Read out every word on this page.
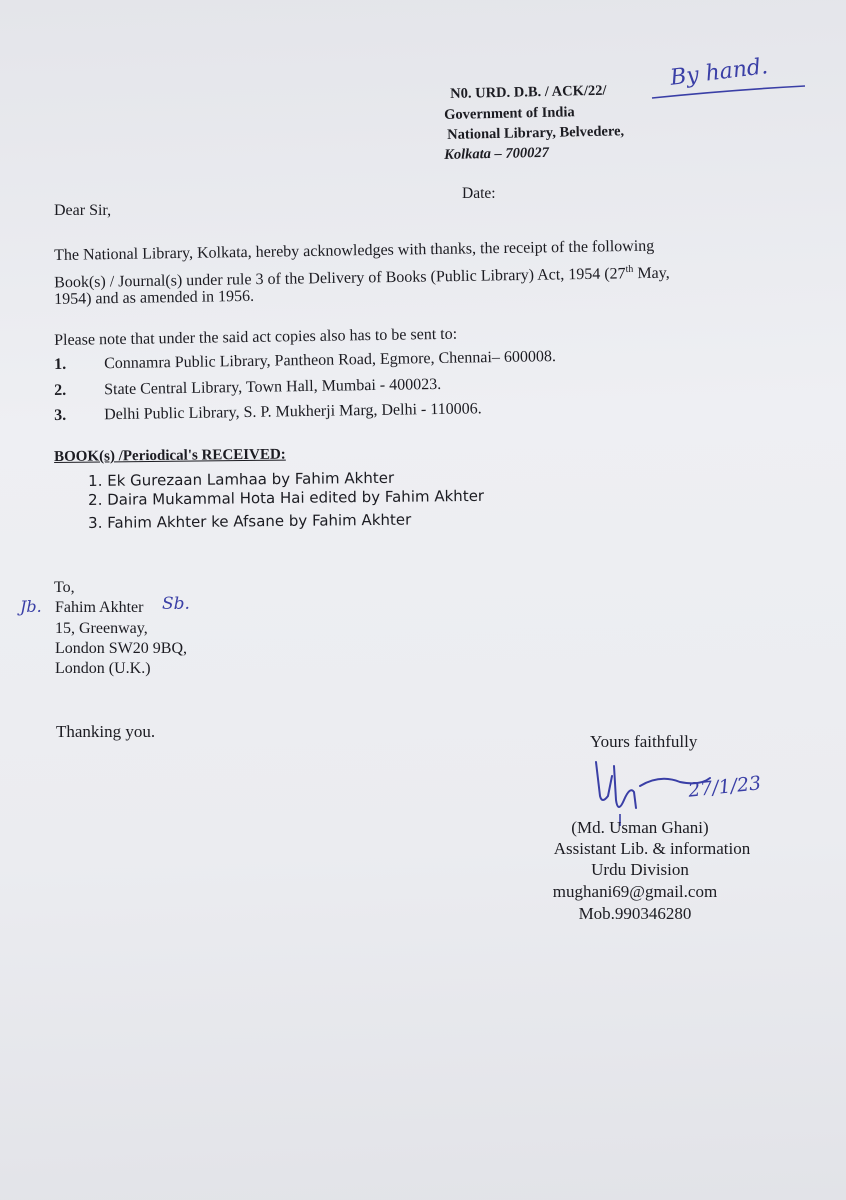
N0. URD. D.B. / ACK/22/
Government of India
National Library, Belvedere,
Kolkata – 700027
By hand.
Date:
Dear Sir,
The National Library, Kolkata, hereby acknowledges with thanks, the receipt of the following
Book(s) / Journal(s) under rule 3 of the Delivery of Books (Public Library) Act, 1954 (27th May,
1954) and as amended in 1956.
Please note that under the said act copies also has to be sent to:
1. Connamra Public Library, Pantheon Road, Egmore, Chennai– 600008.
2. State Central Library, Town Hall, Mumbai - 400023.
3. Delhi Public Library, S. P. Mukherji Marg, Delhi - 110006.
BOOK(s) /Periodical's RECEIVED:
1. Ek Gurezaan Lamhaa by Fahim Akhter
2. Daira Mukammal Hota Hai edited by Fahim Akhter
3. Fahim Akhter ke Afsane by Fahim Akhter
To,
Jb. Fahim Akhter Sb.
15, Greenway,
London SW20 9BQ,
London (U.K.)
Thanking you.
Yours faithfully
27/1/23
(Md. Usman Ghani)
Assistant Lib. & information
Urdu Division
mughani69@gmail.com
Mob.990346280
